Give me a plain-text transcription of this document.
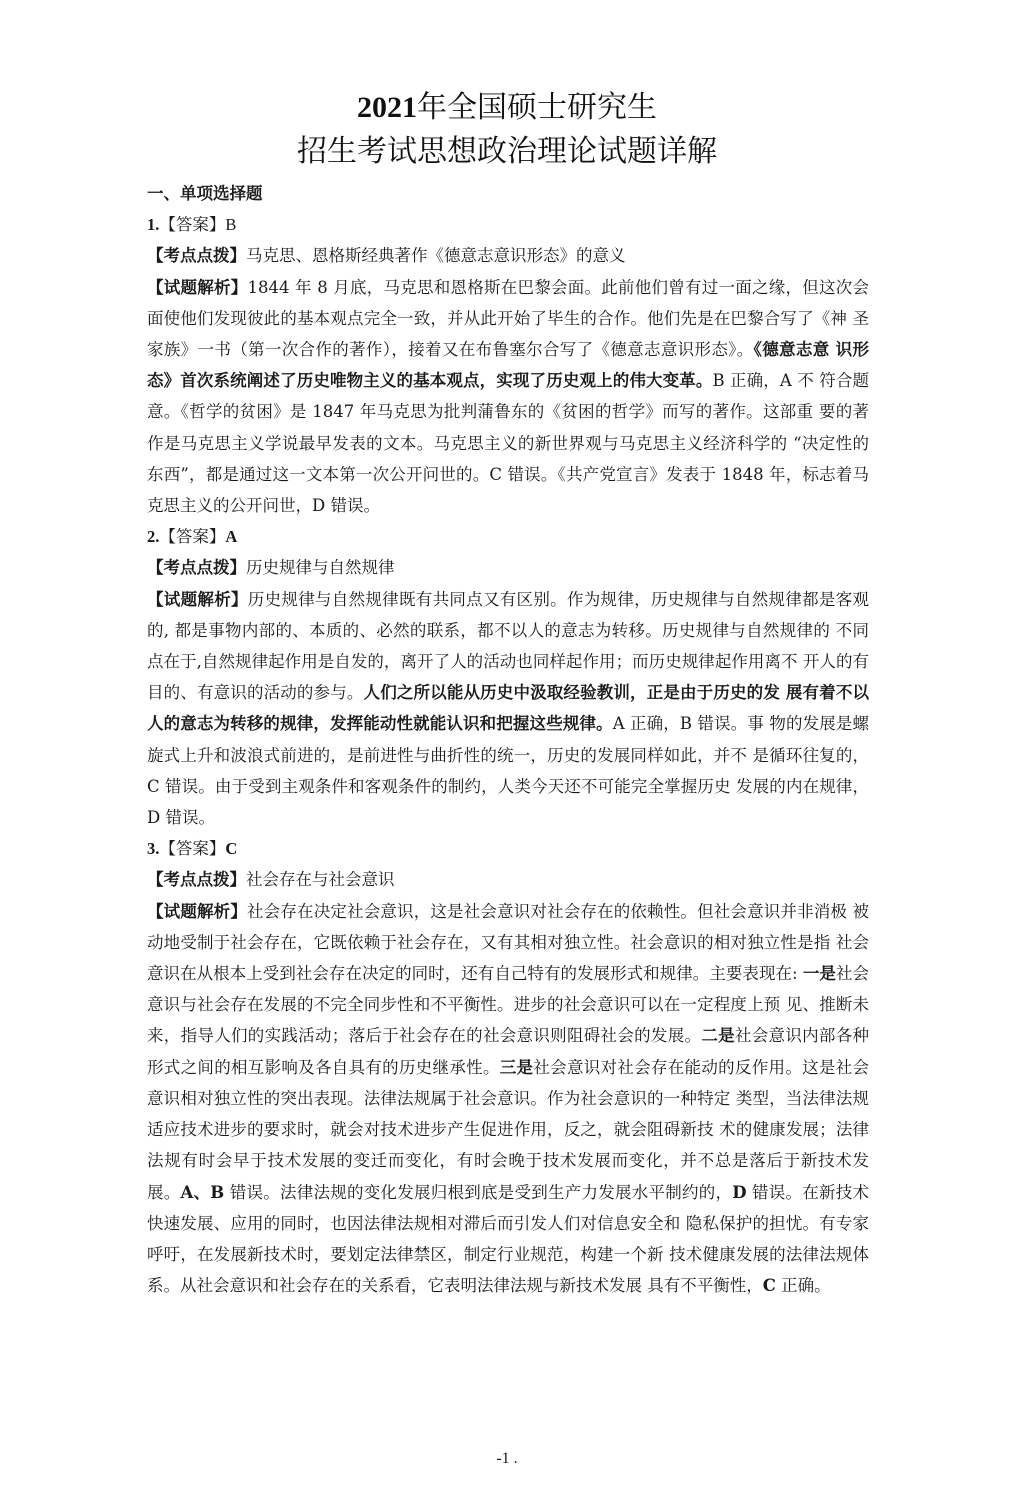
2021年全国硕士研究生
招生考试思想政治理论试题详解

一、单项选择题

1.【答案】B

【考点点拨】马克思、恩格斯经典著作《德意志意识形态》的意义

【试题解析】1844 年 8 月底，马克思和恩格斯在巴黎会面。此前他们曾有过一面之缘，但这次会面使他们发现彼此的基本观点完全一致，并从此开始了毕生的合作。他们先是在巴黎合写了《神 圣家族》一书（第一次合作的著作），接着又在布鲁塞尔合写了《德意志意识形态》。《德意志意 识形态》首次系统阐述了历史唯物主义的基本观点，实现了历史观上的伟大变革。B 正确，A 不 符合题意。《哲学的贫困》是 1847 年马克思为批判蒲鲁东的《贫困的哲学》而写的著作。这部重 要的著作是马克思主义学说最早发表的文本。马克思主义的新世界观与马克思主义经济科学的 “决定性的东西”，都是通过这一文本第一次公开问世的。C 错误。《共产党宣言》发表于 1848 年，标志着马克思主义的公开问世，D 错误。

2.【答案】A

【考点点拨】历史规律与自然规律

【试题解析】历史规律与自然规律既有共同点又有区别。作为规律，历史规律与自然规律都是客观的, 都是事物内部的、本质的、必然的联系，都不以人的意志为转移。历史规律与自然规律的 不同点在于,自然规律起作用是自发的，离开了人的活动也同样起作用；而历史规律起作用离不 开人的有目的、有意识的活动的参与。人们之所以能从历史中汲取经验教训，正是由于历史的发 展有着不以人的意志为转移的规律，发挥能动性就能认识和把握这些规律。A 正确，B 错误。事 物的发展是螺旋式上升和波浪式前进的，是前进性与曲折性的统一，历史的发展同样如此，并不 是循环往复的，C 错误。由于受到主观条件和客观条件的制约，人类今天还不可能完全掌握历史 发展的内在规律，D 错误。

3.【答案】C

【考点点拨】社会存在与社会意识

【试题解析】社会存在决定社会意识，这是社会意识对社会存在的依赖性。但社会意识并非消极 被动地受制于社会存在，它既依赖于社会存在，又有其相对独立性。社会意识的相对独立性是指 社会意识在从根本上受到社会存在决定的同时，还有自己特有的发展形式和规律。主要表现在: 一是社会意识与社会存在发展的不完全同步性和不平衡性。进步的社会意识可以在一定程度上预 见、推断未来，指导人们的实践活动；落后于社会存在的社会意识则阻碍社会的发展。二是社会意识内部各种形式之间的相互影响及各自具有的历史继承性。三是社会意识对社会存在能动的反作用。这是社会意识相对独立性的突出表现。法律法规属于社会意识。作为社会意识的一种特定 类型，当法律法规适应技术进步的要求时，就会对技术进步产生促进作用，反之，就会阻碍新技 术的健康发展；法律法规有时会早于技术发展的变迁而变化，有时会晚于技术发展而变化，并不总是落后于新技术发展。A、B 错误。法律法规的变化发展归根到底是受到生产力发展水平制约的，D 错误。在新技术快速发展、应用的同时，也因法律法规相对滞后而引发人们对信息安全和 隐私保护的担忧。有专家呼吁，在发展新技术时，要划定法律禁区，制定行业规范，构建一个新 技术健康发展的法律法规体系。从社会意识和社会存在的关系看，它表明法律法规与新技术发展 具有不平衡性，C 正确。

-1 .
